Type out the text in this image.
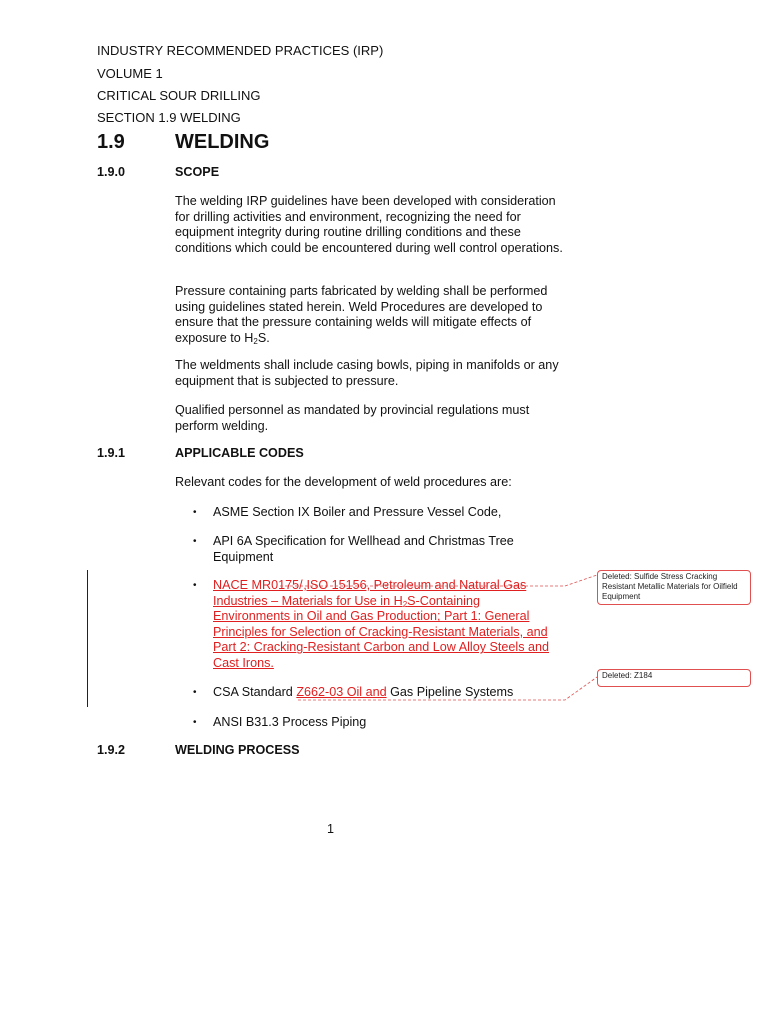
INDUSTRY RECOMMENDED PRACTICES (IRP)
VOLUME 1
CRITICAL SOUR DRILLING
SECTION 1.9 WELDING
1.9	WELDING
1.9.0	SCOPE
The welding IRP guidelines have been developed with consideration for drilling activities and environment, recognizing the need for equipment integrity during routine drilling conditions and these conditions which could be encountered during well control operations.
Pressure containing parts fabricated by welding shall be performed using guidelines stated herein. Weld Procedures are developed to ensure that the pressure containing welds will mitigate effects of exposure to $H_2S$.
The weldments shall include casing bowls, piping in manifolds or any equipment that is subjected to pressure.
Qualified personnel as mandated by provincial regulations must perform welding.
1.9.1	APPLICABLE CODES
Relevant codes for the development of weld procedures are:
• ASME Section IX Boiler and Pressure Vessel Code,
• API 6A Specification for Wellhead and Christmas Tree
Equipment
• NACE MR0175/ ‚ISO 15156, Petroleum and Natural Gas
Industries – Materials for Use in $H_2S$-Containing
Environments in Oil and Gas Production; Part 1: General
Principles for Selection of Cracking-Resistant Materials, and
Part 2: Cracking-Resistant Carbon and Low Alloy Steels and
Cast Irons.
• CSA Standard Z662-03 Oil and Gas Pipeline Systems
• ANSI B31.3 Process Piping
1.9.2	WELDING PROCESS
Deleted: Sulfide Stress Cracking Resistant Metallic Materials for Oilfield Equipment
Deleted: Z184
1
